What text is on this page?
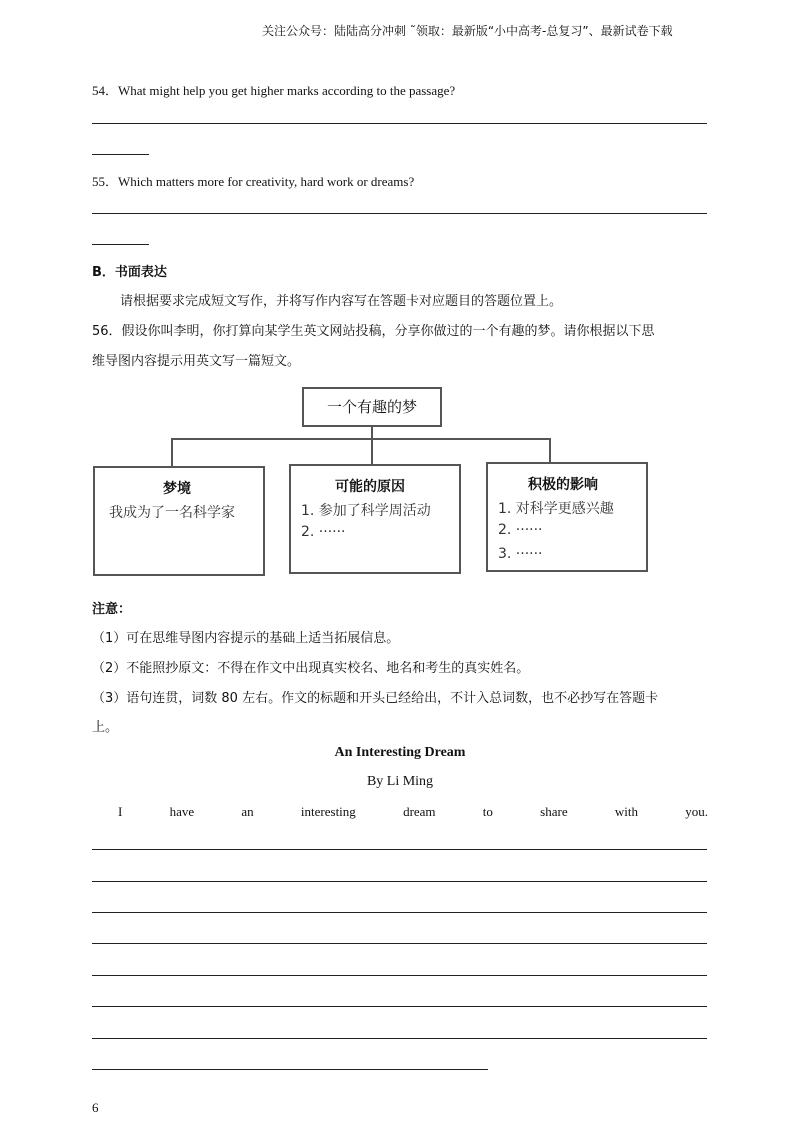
关注公众号：陆陆高分冲刺 ˜领取：最新版“小中高考-总复习”、最新试卷下载
54．What might help you get higher marks according to the passage?
55．Which matters more for creativity, hard work or dreams?
B．书面表达
请根据要求完成短文写作，并将写作内容写在答题卡对应题目的答题位置上。
56．假设你叫李明，你打算向某学生英文网站投稿，分享你做过的一个有趣的梦。请你根据以下思
维导图内容提示用英文写一篇短文。
一个有趣的梦
梦境
我成为了一名科学家
可能的原因
1. 参加了科学周活动
2. ······
积极的影响
1. 对科学更感兴趣
2. ······
3. ······
注意：
（1）可在思维导图内容提示的基础上适当拓展信息。
（2）不能照抄原文：不得在作文中出现真实校名、地名和考生的真实姓名。
（3）语句连贯，词数 80 左右。作文的标题和开头已经给出，不计入总词数，也不必抄写在答题卡
上。
An Interesting Dream
By Li Ming
I	have	an	interesting	dream	to	share	with	you.
6
